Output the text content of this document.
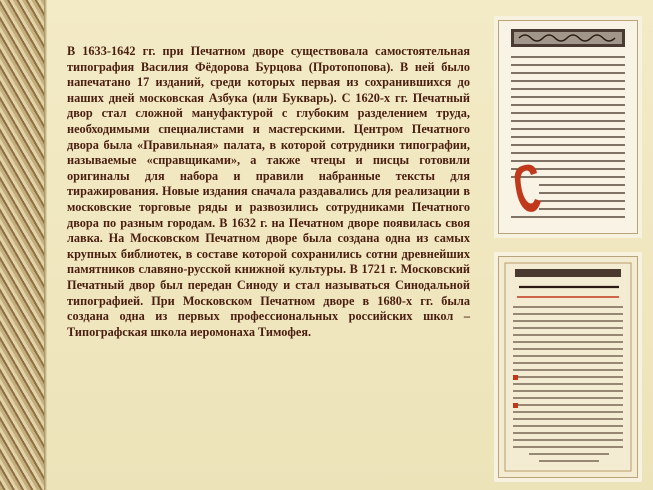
В 1633-1642 гг. при Печатном дворе существовала самостоятельная типография Василия Фёдорова Бурцова (Протопопова). В ней было напечатано 17 изданий, среди которых первая из сохранившихся до наших дней московская Азбука (или Букварь). С 1620-х гг. Печатный двор стал сложной мануфактурой с глубоким разделением труда, необходимыми специалистами и мастерскими. Центром Печатного двора была «Правильная» палата, в которой сотрудники типографии, называемые «справщиками», а также чтецы и писцы готовили оригиналы для набора и правили набранные тексты для тиражирования. Новые издания сначала раздавались для реализации в московские торговые ряды и развозились сотрудниками Печатного двора по разным городам. В 1632 г. на Печатном дворе появилась своя лавка. На Московском Печатном дворе была создана одна из самых крупных библиотек, в составе которой сохранились сотни древнейших памятников славяно-русской книжной культуры. В 1721 г. Московский Печатный двор был передан Синоду и стал называться Синодальной типографией. При Московском Печатном дворе в 1680-х гг. была создана одна из первых профессиональных российских школ – Типографская школа иеромонаха Тимофея.
